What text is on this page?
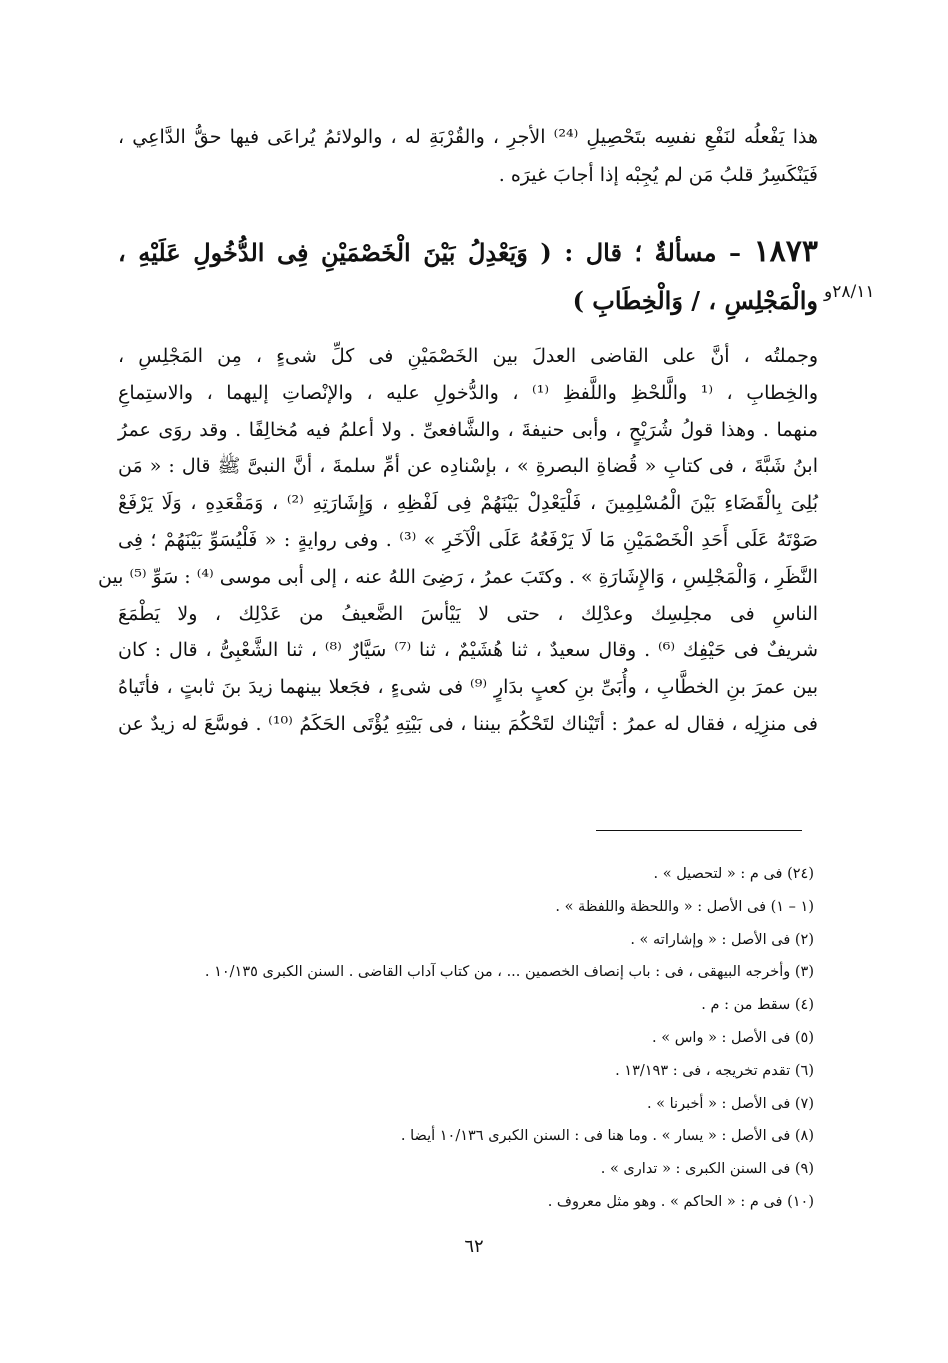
هذا يَفْعلُه لنَفْعِ نفسِه بتَحْصِيلِ ⁽²⁴⁾ الأجرِ ، والقُرْبَةِ له ، والولائمُ يُراعَى فيها حقُّ الدَّاعِي ،
فَيَنْكَسِرُ قلبُ مَن لم يُجِبْه إذا أجابَ غيرَه .
١٨٧٣ – مسألةٌ ؛ قال : ( وَيَعْدِلُ بَيْنَ الْخَصْمَيْنِ فِى الدُّخُولِ عَلَيْهِ ،
والْمَجْلِسِ ، / وَالْخِطَابِ ) ٢٨/١١و
وجملتُه ، أنَّ على القاضى العدلَ بين الخَصْمَيْنِ فى كلِّ شىءٍ ، مِن المَجْلِسِ ،
والخِطابِ ، ⁽¹ والَّلحْظِ واللَّفظِ ⁽¹⁾ ، والدُّخولِ عليه ، والإنْصاتِ إليهما ، والاستِماعِ
منهما . وهذا قولُ شُرَيْحٍ ، وأبى حنيفةَ ، والشَّافعىِّ . ولا أعلمُ فيه مُخالِفًا . وقد روَى عمرُ
ابنُ شَبَّةَ ، فى كتابِ « قُضاةِ البصرةِ » ، بإسْنادِه عن أمِّ سلمةَ ، أنَّ النبىَّ ﷺ قال : « مَن
بُلِىَ بِالْقَضَاءِ بَيْنَ الْمُسْلِمِينَ ، فَلْيَعْدِلْ بَيْنَهُمْ فِى لَفْظِهِ ، وَإِشَارَتِهِ ⁽²⁾ ، وَمَقْعَدِهِ ، وَلَا يَرْفَعْ
صَوْتَهُ عَلَى أَحَدِ الْخَصْمَيْنِ مَا لَا يَرْفَعُهُ عَلَى الْآخَرِ » ⁽³⁾ . وفى روايةٍ : « فَلْيُسَوِّ بَيْنَهُمْ ؛ فِى
النَّظَرِ ، وَالْمَجْلِسِ ، وَالإِشَارَةِ » . وكتَبَ عمرُ ، رَضِىَ اللهُ عنه ، إلى أبى موسى ⁽⁴⁾ : سَوِّ ⁽⁵⁾ بين
الناسِ فى مجلِسِك وعدْلِك ، حتى لا يَيْأسَ الضَّعيفُ من عَدْلِك ، ولا يَطْمَعَ
شريفٌ فى حَيْفِك ⁽⁶⁾ . وقال سعيدٌ ، ثنا هُشَيْمٌ ، ثنا ⁽⁷⁾ سَيَّارٌ ⁽⁸⁾ ، ثنا الشَّعْبِىُّ ، قال : كان
بين عمرَ بنِ الخطَّابِ ، وأُبَىِّ بنِ كعبٍ بدَارٍ ⁽⁹⁾ فى شىءٍ ، فجَعلا بينهما زيدَ بنَ ثابتٍ ، فأتَياهُ
فى منزِلِه ، فقال له عمرُ : أتَيْناك لتَحْكُمَ بيننا ، فى بَيْتِهِ يُؤْتَى الحَكَمُ ⁽¹⁰⁾ . فوسَّعَ له زيدٌ عن
(٢٤) فى م : « لتحصيل » .
(١ – ١) فى الأصل : « واللحظة واللفظة » .
(٢) فى الأصل : « وإشاراته » .
(٣) وأخرجه البيهقى ، فى : باب إنصاف الخصمين ... ، من كتاب آداب القاضى . السنن الكبرى ١٠/١٣٥ .
(٤) سقط من : م .
(٥) فى الأصل : « واس » .
(٦) تقدم تخريجه ، فى : ١٣/١٩٣ .
(٧) فى الأصل : « أخبرنا » .
(٨) فى الأصل : « يسار » . وما هنا فى : السنن الكبرى ١٠/١٣٦ أيضا .
(٩) فى السنن الكبرى : « تدارى » .
(١٠) فى م : « الحاكم » . وهو مثل معروف .
٦٢
